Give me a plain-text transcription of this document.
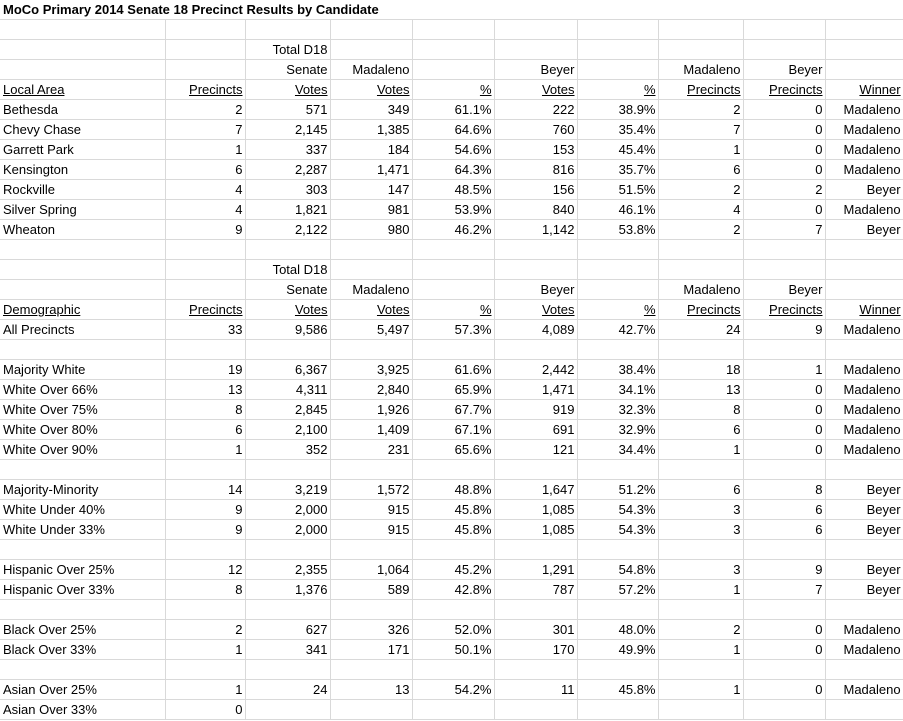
MoCo Primary 2014 Senate 18 Precinct Results by Candidate									

		Total D18							
		Senate	Madaleno		Beyer		Madaleno	Beyer	
Local Area	Precincts	Votes	Votes	%	Votes	%	Precincts	Precincts	Winner
Bethesda	2	571	349	61.1%	222	38.9%	2	0	Madaleno
Chevy Chase	7	2,145	1,385	64.6%	760	35.4%	7	0	Madaleno
Garrett Park	1	337	184	54.6%	153	45.4%	1	0	Madaleno
Kensington	6	2,287	1,471	64.3%	816	35.7%	6	0	Madaleno
Rockville	4	303	147	48.5%	156	51.5%	2	2	Beyer
Silver Spring	4	1,821	981	53.9%	840	46.1%	4	0	Madaleno
Wheaton	9	2,122	980	46.2%	1,142	53.8%	2	7	Beyer

		Total D18							
		Senate	Madaleno		Beyer		Madaleno	Beyer	
Demographic	Precincts	Votes	Votes	%	Votes	%	Precincts	Precincts	Winner
All Precincts	33	9,586	5,497	57.3%	4,089	42.7%	24	9	Madaleno

Majority White	19	6,367	3,925	61.6%	2,442	38.4%	18	1	Madaleno
White Over 66%	13	4,311	2,840	65.9%	1,471	34.1%	13	0	Madaleno
White Over 75%	8	2,845	1,926	67.7%	919	32.3%	8	0	Madaleno
White Over 80%	6	2,100	1,409	67.1%	691	32.9%	6	0	Madaleno
White Over 90%	1	352	231	65.6%	121	34.4%	1	0	Madaleno

Majority-Minority	14	3,219	1,572	48.8%	1,647	51.2%	6	8	Beyer
White Under 40%	9	2,000	915	45.8%	1,085	54.3%	3	6	Beyer
White Under 33%	9	2,000	915	45.8%	1,085	54.3%	3	6	Beyer

Hispanic Over 25%	12	2,355	1,064	45.2%	1,291	54.8%	3	9	Beyer
Hispanic Over 33%	8	1,376	589	42.8%	787	57.2%	1	7	Beyer

Black Over 25%	2	627	326	52.0%	301	48.0%	2	0	Madaleno
Black Over 33%	1	341	171	50.1%	170	49.9%	1	0	Madaleno

Asian Over 25%	1	24	13	54.2%	11	45.8%	1	0	Madaleno
Asian Over 33%	0								
